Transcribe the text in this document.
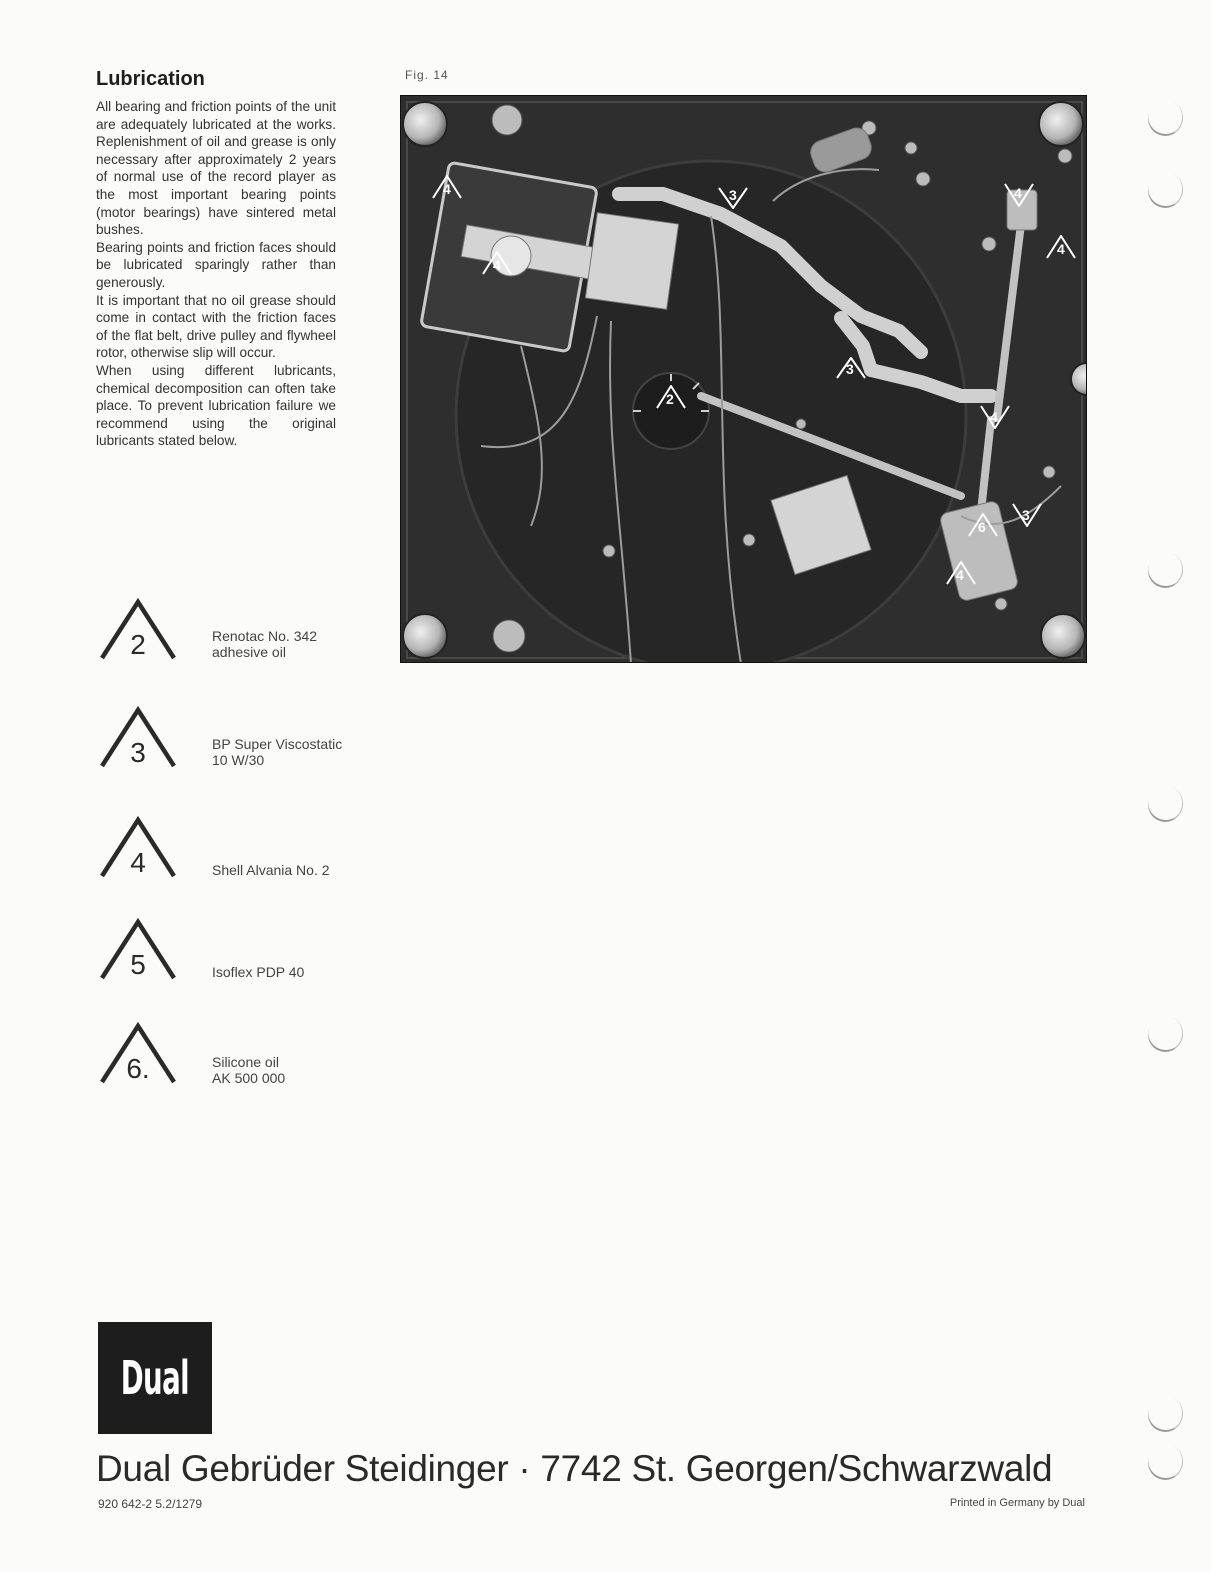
Lubrication

All bearing and friction points of the unit are adequately lubricated at the works. Replenishment of oil and grease is only necessary after approximately 2 years of normal use of the record player as the most important bearing points (motor bearings) have sintered metal bushes.

Bearing points and friction faces should be lubricated sparingly rather than generously.

It is important that no oil grease should come in contact with the friction faces of the flat belt, drive pulley and flywheel rotor, otherwise slip will occur.

When using different lubricants, chemical decomposition can often take place. To prevent lubrication failure we recommend using the original lubricants stated below.

Fig. 14
4
4
3	4
4
2
3
4
6
3
4
2	Renotac No. 342
adhesive oil
3	BP Super Viscostatic
10 W/30
4	Shell Alvania No. 2
5	Isoflex PDP 40
6.	Silicone oil
AK 500 000
Dual
Dual Gebrüder Steidinger · 7742 St. Georgen/Schwarzwald
920 642-2 5.2/1279	Printed in Germany by Dual
